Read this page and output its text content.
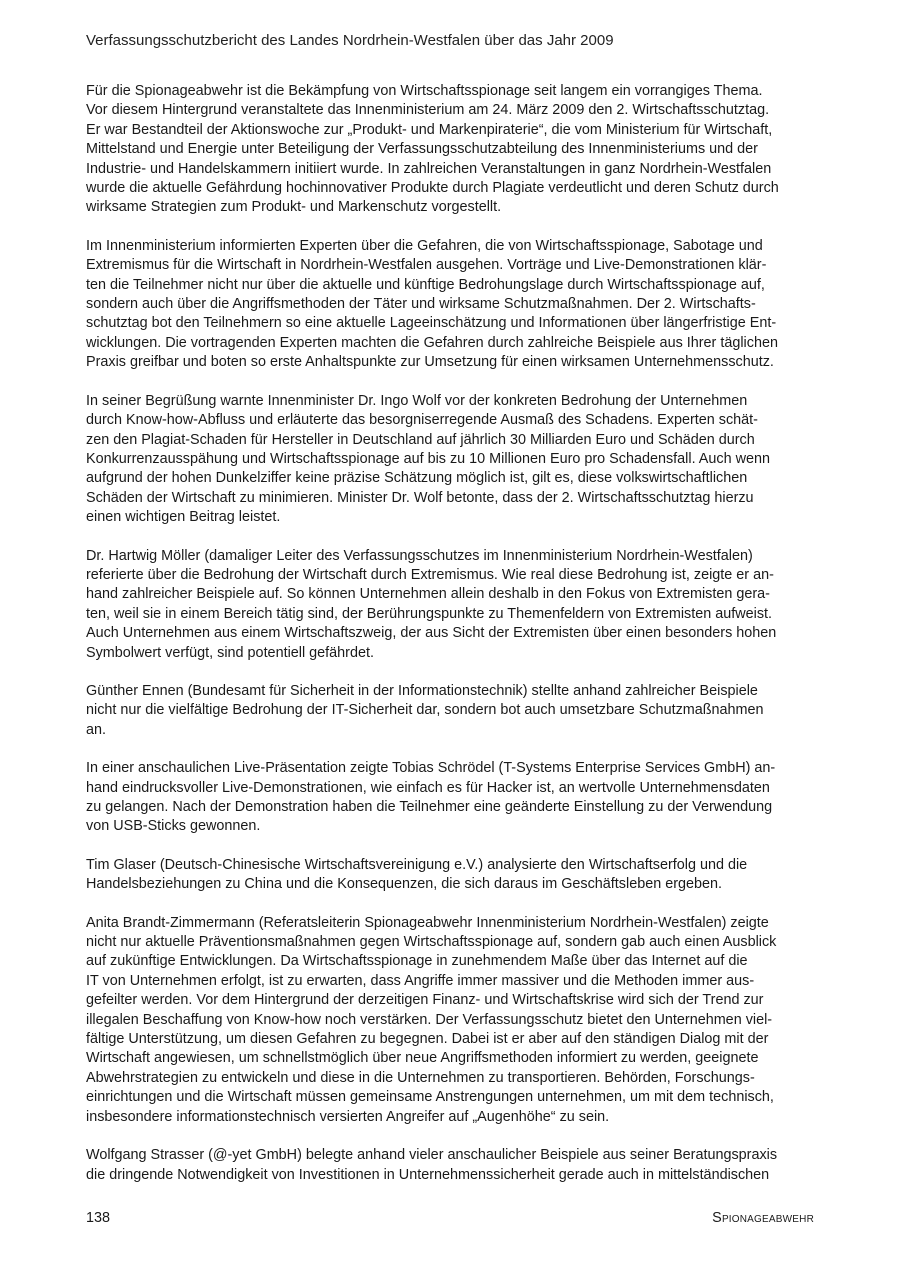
Verfassungsschutzbericht des Landes Nordrhein-Westfalen über das Jahr 2009

Für die Spionageabwehr ist die Bekämpfung von Wirtschaftsspionage seit langem ein vorrangiges Thema.
Vor diesem Hintergrund veranstaltete das Innenministerium am 24. März 2009 den 2. Wirtschaftsschutztag.
Er war Bestandteil der Aktionswoche zur „Produkt- und Markenpiraterie“, die vom Ministerium für Wirtschaft,
Mittelstand und Energie unter Beteiligung der Verfassungsschutzabteilung des Innenministeriums und der
Industrie- und Handelskammern initiiert wurde. In zahlreichen Veranstaltungen in ganz Nordrhein-Westfalen
wurde die aktuelle Gefährdung hochinnovativer Produkte durch Plagiate verdeutlicht und deren Schutz durch
wirksame Strategien zum Produkt- und Markenschutz vorgestellt.

Im Innenministerium informierten Experten über die Gefahren, die von Wirtschaftsspionage, Sabotage und
Extremismus für die Wirtschaft in Nordrhein-Westfalen ausgehen. Vorträge und Live-Demonstrationen klär-
ten die Teilnehmer nicht nur über die aktuelle und künftige Bedrohungslage durch Wirtschaftsspionage auf,
sondern auch über die Angriffsmethoden der Täter und wirksame Schutzmaßnahmen. Der 2. Wirtschafts-
schutztag bot den Teilnehmern so eine aktuelle Lageeinschätzung und Informationen über längerfristige Ent-
wicklungen. Die vortragenden Experten machten die Gefahren durch zahlreiche Beispiele aus Ihrer täglichen
Praxis greifbar und boten so erste Anhaltspunkte zur Umsetzung für einen wirksamen Unternehmensschutz.

In seiner Begrüßung warnte Innenminister Dr. Ingo Wolf vor der konkreten Bedrohung der Unternehmen
durch Know-how-Abfluss und erläuterte das besorgniserregende Ausmaß des Schadens. Experten schät-
zen den Plagiat-Schaden für Hersteller in Deutschland auf jährlich 30 Milliarden Euro und Schäden durch
Konkurrenzausspähung und Wirtschaftsspionage auf bis zu 10 Millionen Euro pro Schadensfall. Auch wenn
aufgrund der hohen Dunkelziffer keine präzise Schätzung möglich ist, gilt es, diese volkswirtschaftlichen
Schäden der Wirtschaft zu minimieren. Minister Dr. Wolf betonte, dass der 2. Wirtschaftsschutztag hierzu
einen wichtigen Beitrag leistet.

Dr. Hartwig Möller (damaliger Leiter des Verfassungsschutzes im Innenministerium Nordrhein-Westfalen)
referierte über die Bedrohung der Wirtschaft durch Extremismus. Wie real diese Bedrohung ist, zeigte er an-
hand zahlreicher Beispiele auf. So können Unternehmen allein deshalb in den Fokus von Extremisten gera-
ten, weil sie in einem Bereich tätig sind, der Berührungspunkte zu Themenfeldern von Extremisten aufweist.
Auch Unternehmen aus einem Wirtschaftszweig, der aus Sicht der Extremisten über einen besonders hohen
Symbolwert verfügt, sind potentiell gefährdet.

Günther Ennen (Bundesamt für Sicherheit in der Informationstechnik) stellte anhand zahlreicher Beispiele
nicht nur die vielfältige Bedrohung der IT-Sicherheit dar, sondern bot auch umsetzbare Schutzmaßnahmen
an.

In einer anschaulichen Live-Präsentation zeigte Tobias Schrödel (T-Systems Enterprise Services GmbH) an-
hand eindrucksvoller Live-Demonstrationen, wie einfach es für Hacker ist, an wertvolle Unternehmensdaten
zu gelangen. Nach der Demonstration haben die Teilnehmer eine geänderte Einstellung zu der Verwendung
von USB-Sticks gewonnen.

Tim Glaser (Deutsch-Chinesische Wirtschaftsvereinigung e.V.) analysierte den Wirtschaftserfolg und die
Handelsbeziehungen zu China und die Konsequenzen, die sich daraus im Geschäftsleben ergeben.

Anita Brandt-Zimmermann (Referatsleiterin Spionageabwehr Innenministerium Nordrhein-Westfalen) zeigte
nicht nur aktuelle Präventionsmaßnahmen gegen Wirtschaftsspionage auf, sondern gab auch einen Ausblick
auf zukünftige Entwicklungen. Da Wirtschaftsspionage in zunehmendem Maße über das Internet auf die
IT von Unternehmen erfolgt, ist zu erwarten, dass Angriffe immer massiver und die Methoden immer aus-
gefeilter werden. Vor dem Hintergrund der derzeitigen Finanz- und Wirtschaftskrise wird sich der Trend zur
illegalen Beschaffung von Know-how noch verstärken. Der Verfassungsschutz bietet den Unternehmen viel-
fältige Unterstützung, um diesen Gefahren zu begegnen. Dabei ist er aber auf den ständigen Dialog mit der
Wirtschaft angewiesen, um schnellstmöglich über neue Angriffsmethoden informiert zu werden, geeignete
Abwehrstrategien zu entwickeln und diese in die Unternehmen zu transportieren. Behörden, Forschungs-
einrichtungen und die Wirtschaft müssen gemeinsame Anstrengungen unternehmen, um mit dem technisch,
insbesondere informationstechnisch versierten Angreifer auf „Augenhöhe“ zu sein.

Wolfgang Strasser (@-yet GmbH) belegte anhand vieler anschaulicher Beispiele aus seiner Beratungspraxis
die dringende Notwendigkeit von Investitionen in Unternehmenssicherheit gerade auch in mittelständischen

138	Spionageabwehr
